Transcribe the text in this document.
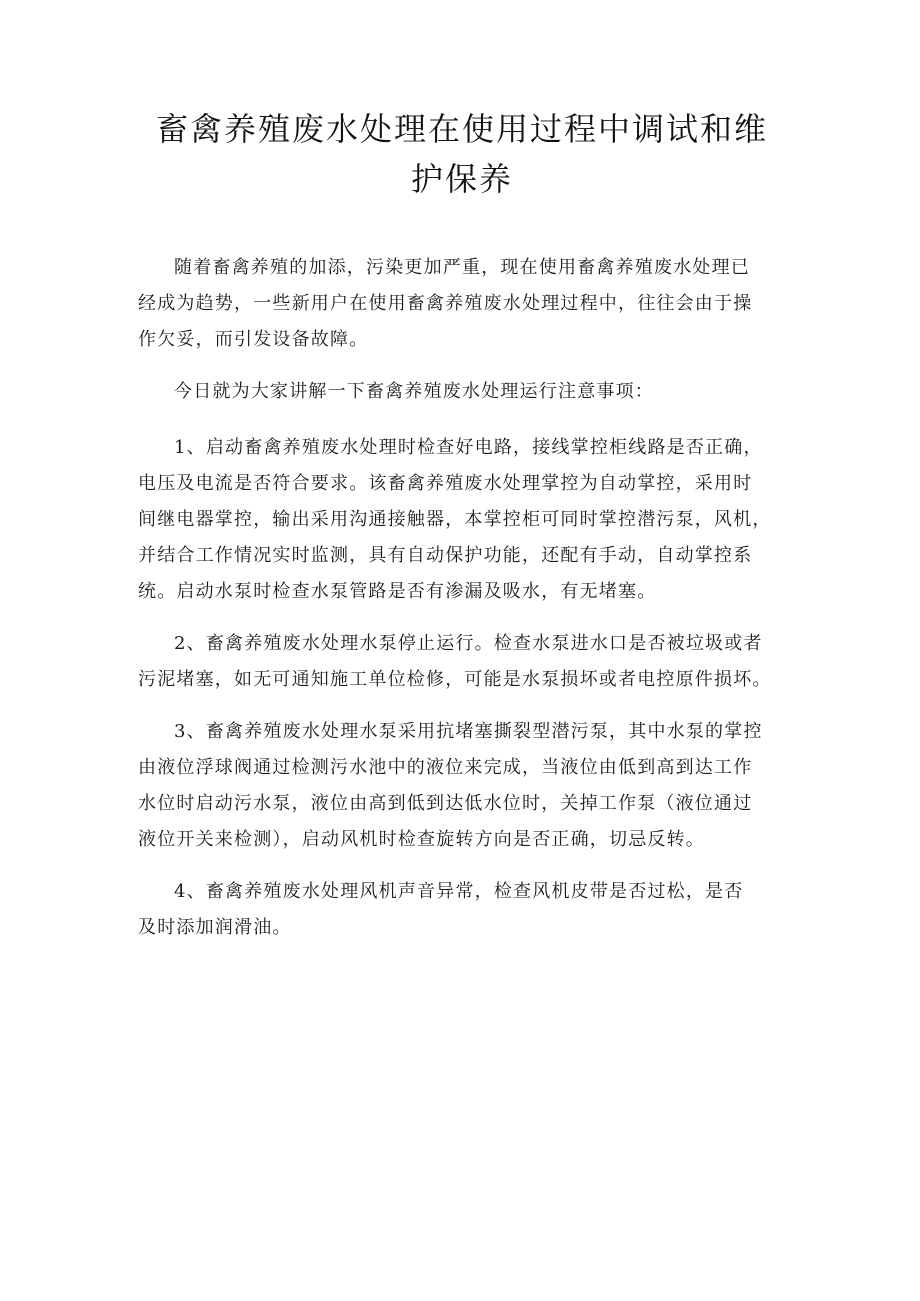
畜禽养殖废水处理在使用过程中调试和维
护保养

随着畜禽养殖的加添，污染更加严重，现在使用畜禽养殖废水处理已
经成为趋势，一些新用户在使用畜禽养殖废水处理过程中，往往会由于操
作欠妥，而引发设备故障。

今日就为大家讲解一下畜禽养殖废水处理运行注意事项：

1、启动畜禽养殖废水处理时检查好电路，接线掌控柜线路是否正确，
电压及电流是否符合要求。该畜禽养殖废水处理掌控为自动掌控，采用时
间继电器掌控，输出采用沟通接触器，本掌控柜可同时掌控潜污泵，风机，
并结合工作情况实时监测，具有自动保护功能，还配有手动，自动掌控系
统。启动水泵时检查水泵管路是否有渗漏及吸水，有无堵塞。

2、畜禽养殖废水处理水泵停止运行。检查水泵进水口是否被垃圾或者
污泥堵塞，如无可通知施工单位检修，可能是水泵损坏或者电控原件损坏。

3、畜禽养殖废水处理水泵采用抗堵塞撕裂型潜污泵，其中水泵的掌控
由液位浮球阀通过检测污水池中的液位来完成，当液位由低到高到达工作
水位时启动污水泵，液位由高到低到达低水位时，关掉工作泵（液位通过
液位开关来检测），启动风机时检查旋转方向是否正确，切忌反转。

4、畜禽养殖废水处理风机声音异常，检查风机皮带是否过松，是否
及时添加润滑油。
